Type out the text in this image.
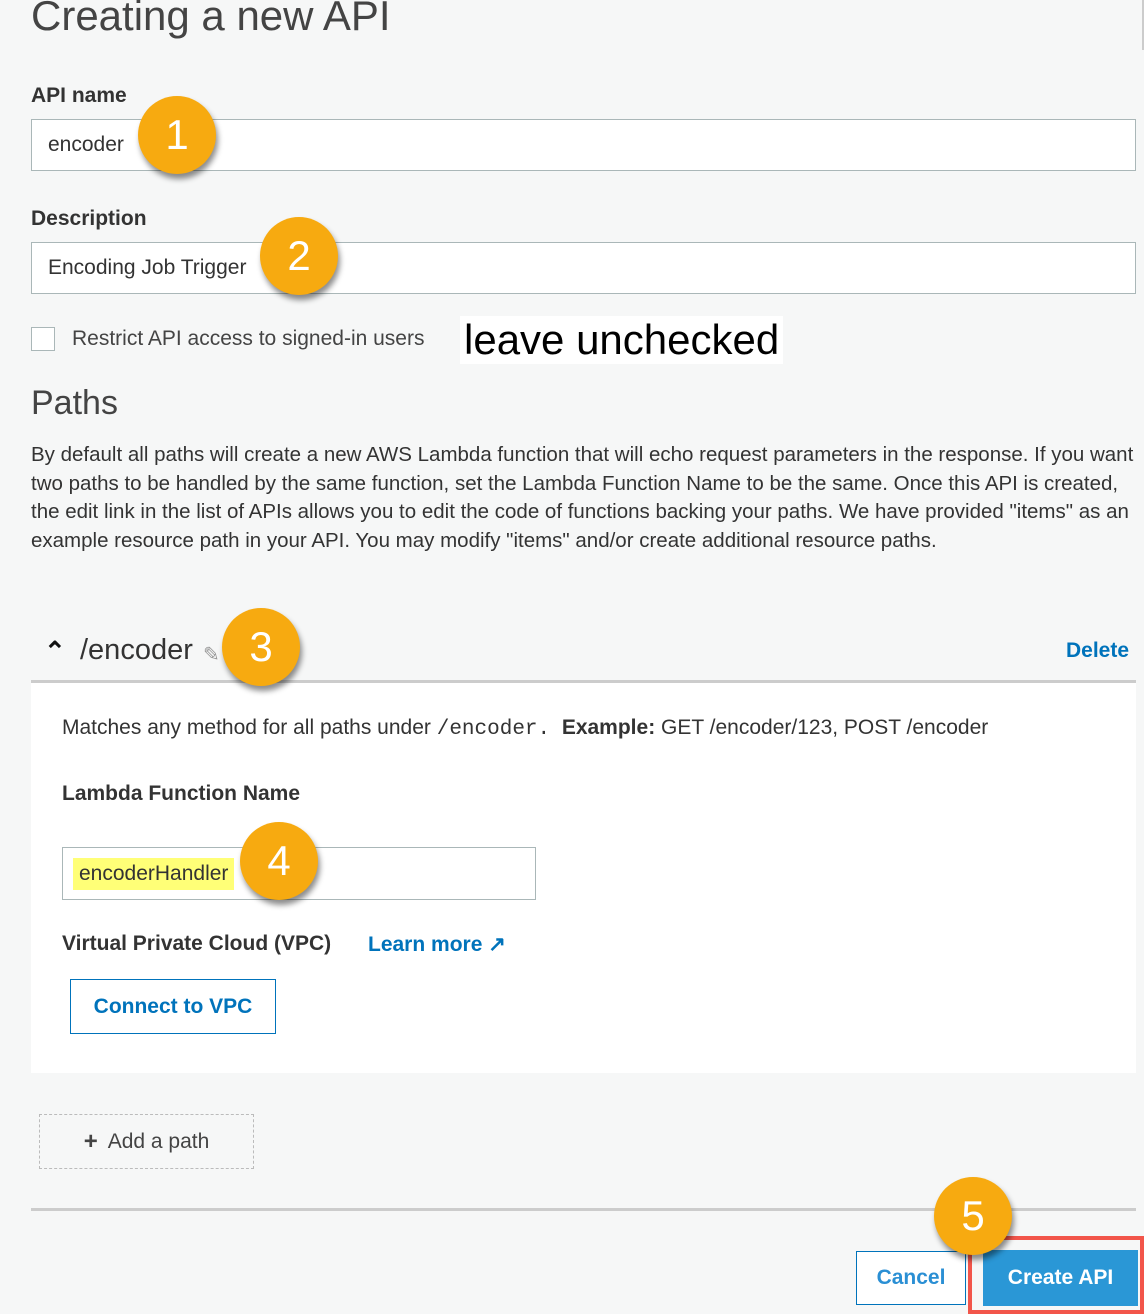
Creating a new API
API name
encoder
Description
Encoding Job Trigger
Restrict API access to signed-in users leave unchecked
Paths

By default all paths will create a new AWS Lambda function that will echo request parameters in the response. If you want two paths to be handled by the same function, set the Lambda Function Name to be the same. Once this API is created, the edit link in the list of APIs allows you to edit the code of functions backing your paths. We have provided "items" as an example resource path in your API. You may modify "items" and/or create additional resource paths.

⌃ /encoder ✎	Delete
Matches any method for all paths under /encoder. Example: GET /encoder/123, POST /encoder
Lambda Function Name
encoderHandler
Virtual Private Cloud (VPC) Learn more ↗
Connect to VPC
+ Add a path
Cancel	Create API
1
2
3
4
5
